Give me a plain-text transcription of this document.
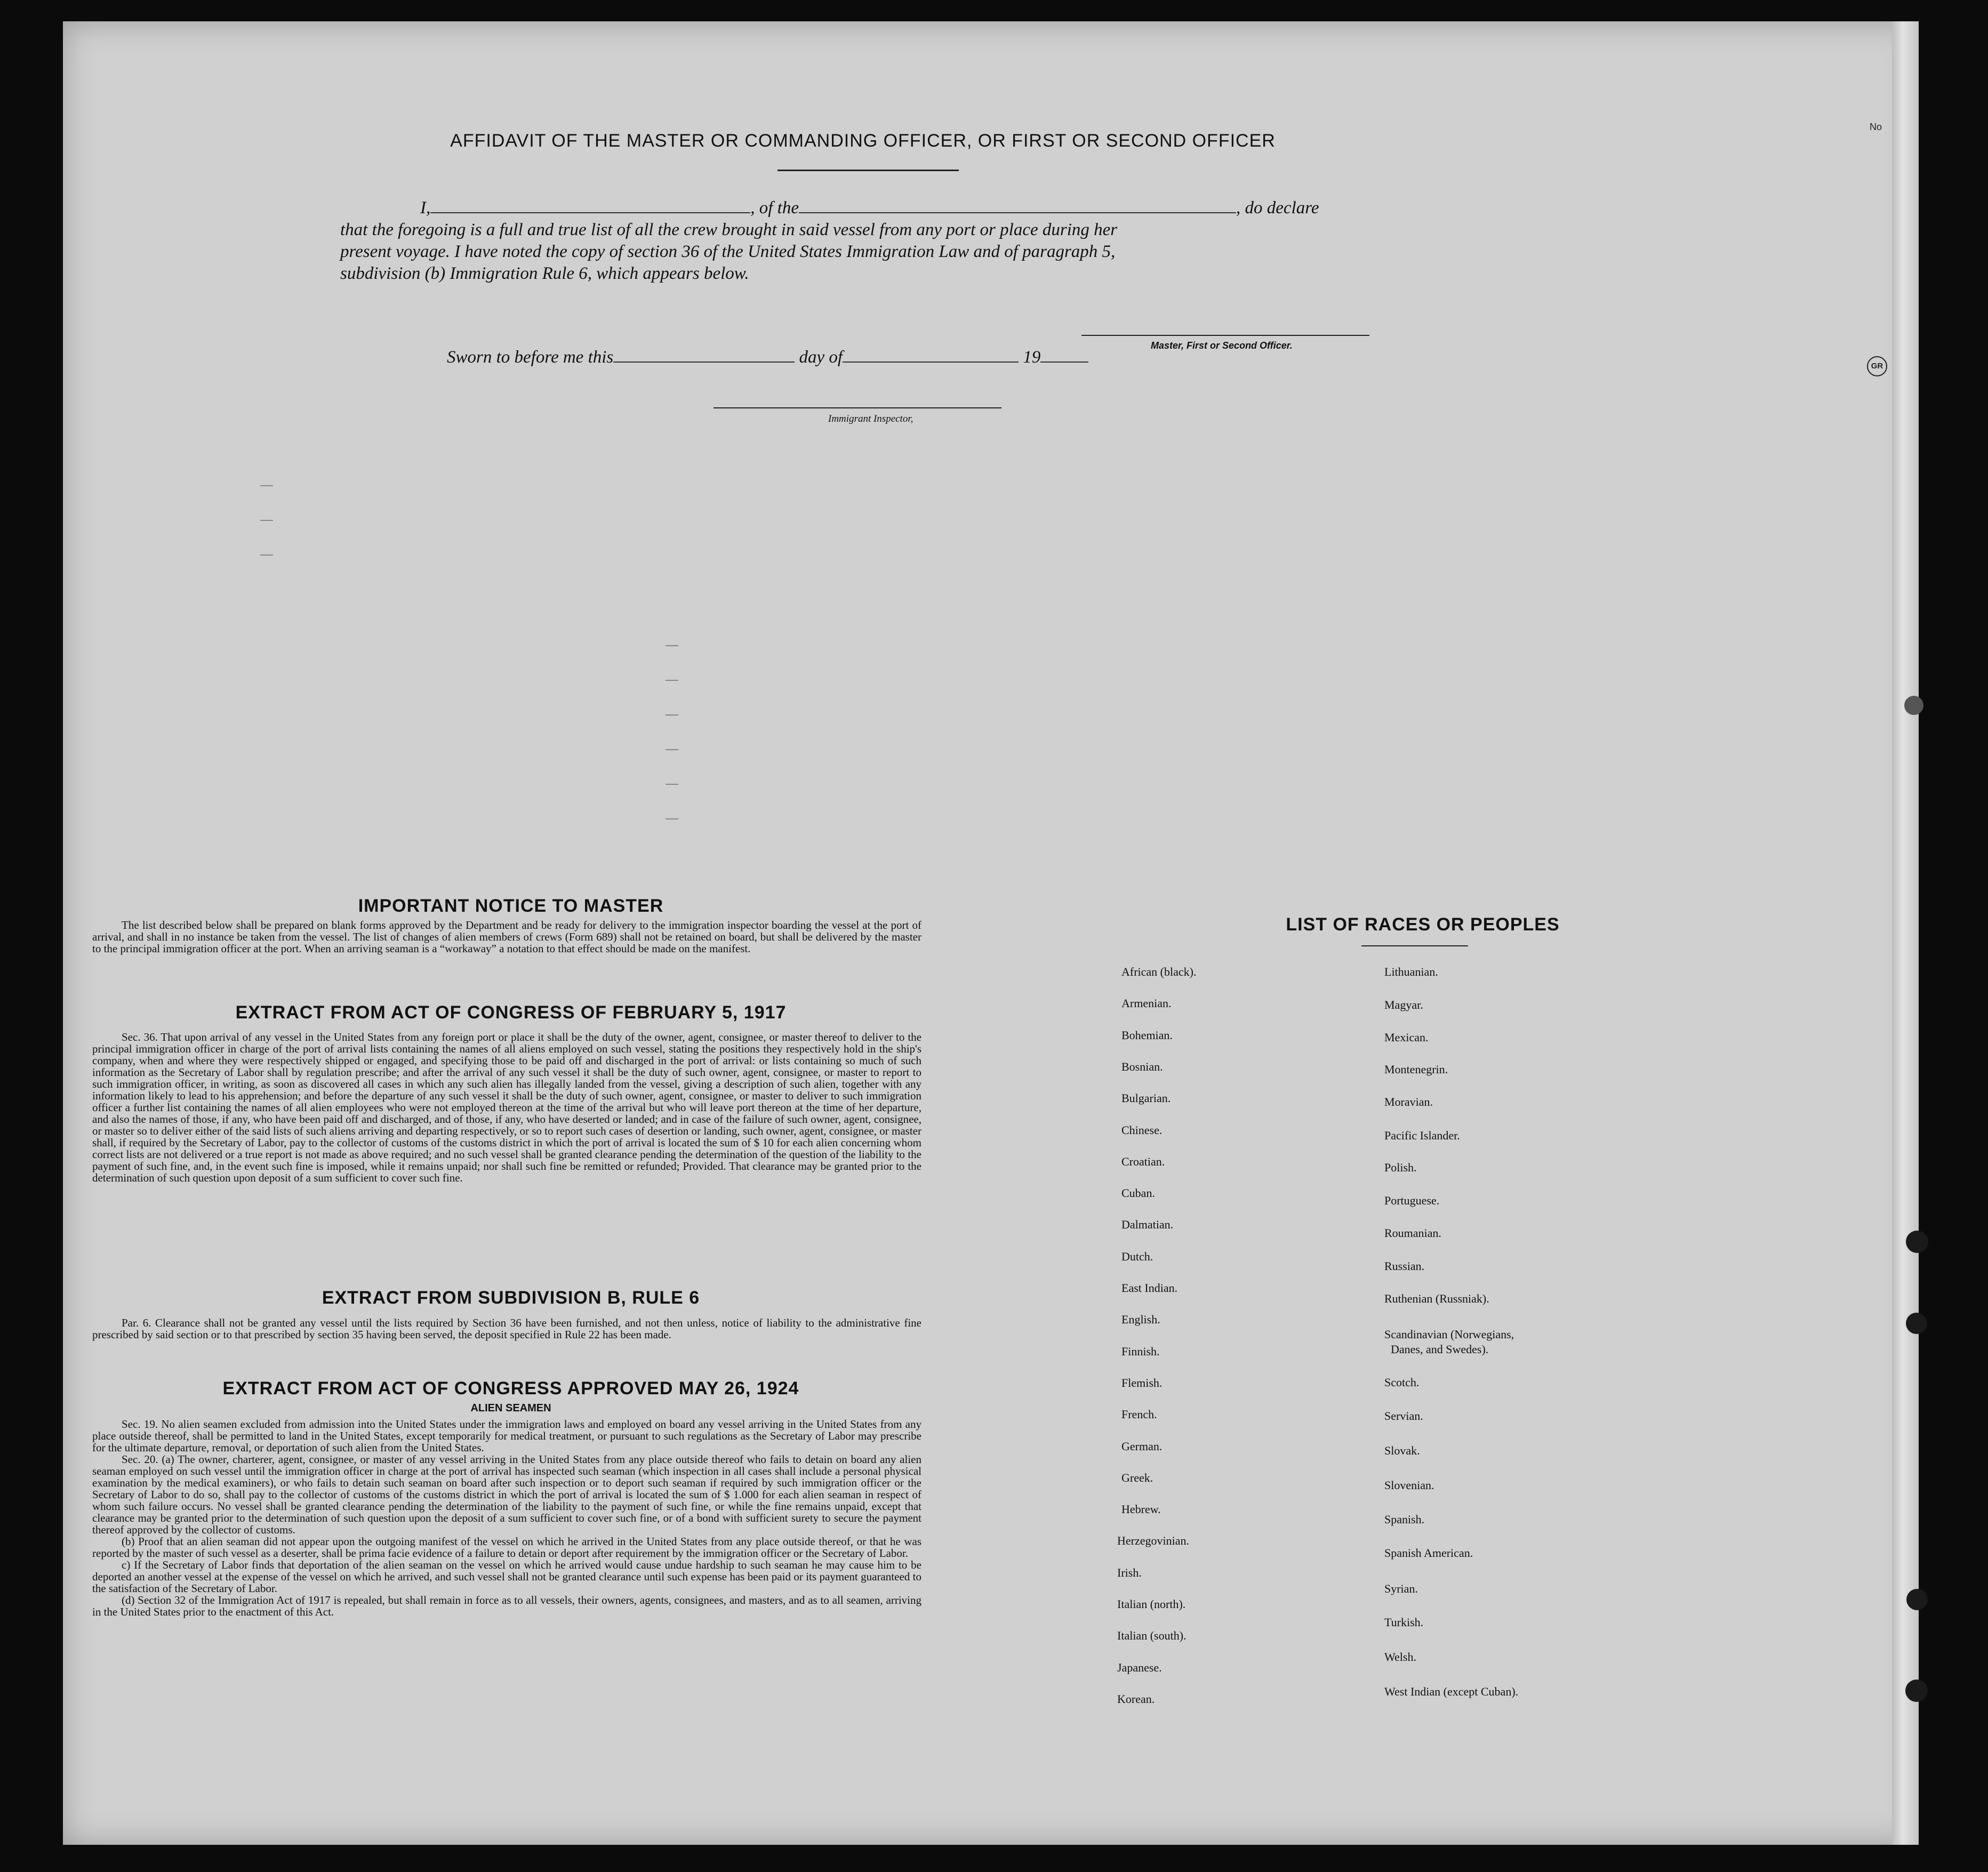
No
GR
AFFIDAVIT OF THE MASTER OR COMMANDING OFFICER, OR FIRST OR SECOND OFFICER
I,	, of the	, do declare
that the foregoing is a full and true list of all the crew brought in said vessel from any port or place during her
present voyage. I have noted the copy of section 36 of the United States Immigration Law and of paragraph 5,
subdivision (b) Immigration Rule 6, which appears below.
Master, First or Second Officer.
Sworn to before me this	day of	19
Immigrant Inspector,
IMPORTANT NOTICE TO MASTER

The list described below shall be prepared on blank forms approved by the Department and be ready for delivery to the immigration inspector boarding the vessel at the port of arrival, and shall in no instance be taken from the vessel. The list of changes of alien members of crews (Form 689) shall not be retained on board, but shall be delivered by the master to the principal immigration officer at the port. When an arriving seaman is a “workaway” a notation to that effect should be made on the manifest.

EXTRACT FROM ACT OF CONGRESS OF FEBRUARY 5, 1917

Sec. 36. That upon arrival of any vessel in the United States from any foreign port or place it shall be the duty of the owner, agent, consignee, or master thereof to deliver to the principal immigration officer in charge of the port of arrival lists containing the names of all aliens employed on such vessel, stating the positions they respectively hold in the ship's company, when and where they were respectively shipped or engaged, and specifying those to be paid off and discharged in the port of arrival: or lists containing so much of such information as the Secretary of Labor shall by regulation prescribe; and after the arrival of any such vessel it shall be the duty of such owner, agent, consignee, or master to report to such immigration officer, in writing, as soon as discovered all cases in which any such alien has illegally landed from the vessel, giving a description of such alien, together with any information likely to lead to his apprehension; and before the departure of any such vessel it shall be the duty of such owner, agent, consignee, or master to deliver to such immigration officer a further list containing the names of all alien employees who were not employed thereon at the time of the arrival but who will leave port thereon at the time of her departure, and also the names of those, if any, who have been paid off and discharged, and of those, if any, who have deserted or landed; and in case of the failure of such owner, agent, consignee, or master so to deliver either of the said lists of such aliens arriving and departing respectively, or so to report such cases of desertion or landing, such owner, agent, consignee, or master shall, if required by the Secretary of Labor, pay to the collector of customs of the customs district in which the port of arrival is located the sum of $ 10 for each alien concerning whom correct lists are not delivered or a true report is not made as above required; and no such vessel shall be granted clearance pending the determination of the question of the liability to the payment of such fine, and, in the event such fine is imposed, while it remains unpaid; nor shall such fine be remitted or refunded; Provided. That clearance may be granted prior to the determination of such question upon deposit of a sum sufficient to cover such fine.

EXTRACT FROM SUBDIVISION B, RULE 6

Par. 6. Clearance shall not be granted any vessel until the lists required by Section 36 have been furnished, and not then unless, notice of liability to the administrative fine prescribed by said section or to that prescribed by section 35 having been served, the deposit specified in Rule 22 has been made.

EXTRACT FROM ACT OF CONGRESS APPROVED MAY 26, 1924
ALIEN SEAMEN

Sec. 19. No alien seamen excluded from admission into the United States under the immigration laws and employed on board any vessel arriving in the United States from any place outside thereof, shall be permitted to land in the United States, except temporarily for medical treatment, or pursuant to such regulations as the Secretary of Labor may prescribe for the ultimate departure, removal, or deportation of such alien from the United States.

Sec. 20. (a) The owner, charterer, agent, consignee, or master of any vessel arriving in the United States from any place outside thereof who fails to detain on board any alien seaman employed on such vessel until the immigration officer in charge at the port of arrival has inspected such seaman (which inspection in all cases shall include a personal physical examination by the medical examiners), or who fails to detain such seaman on board after such inspection or to deport such seaman if required by such immigration officer or the Secretary of Labor to do so, shall pay to the collector of customs of the customs district in which the port of arrival is located the sum of $ 1.000 for each alien seaman in respect of whom such failure occurs. No vessel shall be granted clearance pending the determination of the liability to the payment of such fine, or while the fine remains unpaid, except that clearance may be granted prior to the determination of such question upon the deposit of a sum sufficient to cover such fine, or of a bond with sufficient surety to secure the payment thereof approved by the collector of customs.

(b) Proof that an alien seaman did not appear upon the outgoing manifest of the vessel on which he arrived in the United States from any place outside thereof, or that he was reported by the master of such vessel as a deserter, shall be prima facie evidence of a failure to detain or deport after requirement by the immigration officer or the Secretary of Labor.

c) If the Secretary of Labor finds that deportation of the alien seaman on the vessel on which he arrived would cause undue hardship to such seaman he may cause him to be deported an another vessel at the expense of the vessel on which he arrived, and such vessel shall not be granted clearance until such expense has been paid or its payment guaranteed to the satisfaction of the Secretary of Labor.

(d) Section 32 of the Immigration Act of 1917 is repealed, but shall remain in force as to all vessels, their owners, agents, consignees, and masters, and as to all seamen, arriving in the United States prior to the enactment of this Act.

LIST OF RACES OR PEOPLES
African (black).
Armenian.
Bohemian.
Bosnian.
Bulgarian.
Chinese.
Croatian.
Cuban.
Dalmatian.
Dutch.
East Indian.
English.
Finnish.
Flemish.
French.
German.
Greek.
Hebrew.
Herzegovinian.
Irish.
Italian (north).
Italian (south).
Japanese.
Korean.
Lithuanian.
Magyar.
Mexican.
Montenegrin.
Moravian.
Pacific Islander.
Polish.
Portuguese.
Roumanian.
Russian.
Ruthenian (Russniak).
Scandinavian (Norwegians,
Danes, and Swedes).
Scotch.
Servian.
Slovak.
Slovenian.
Spanish.
Spanish American.
Syrian.
Turkish.
Welsh.
West Indian (except Cuban).
